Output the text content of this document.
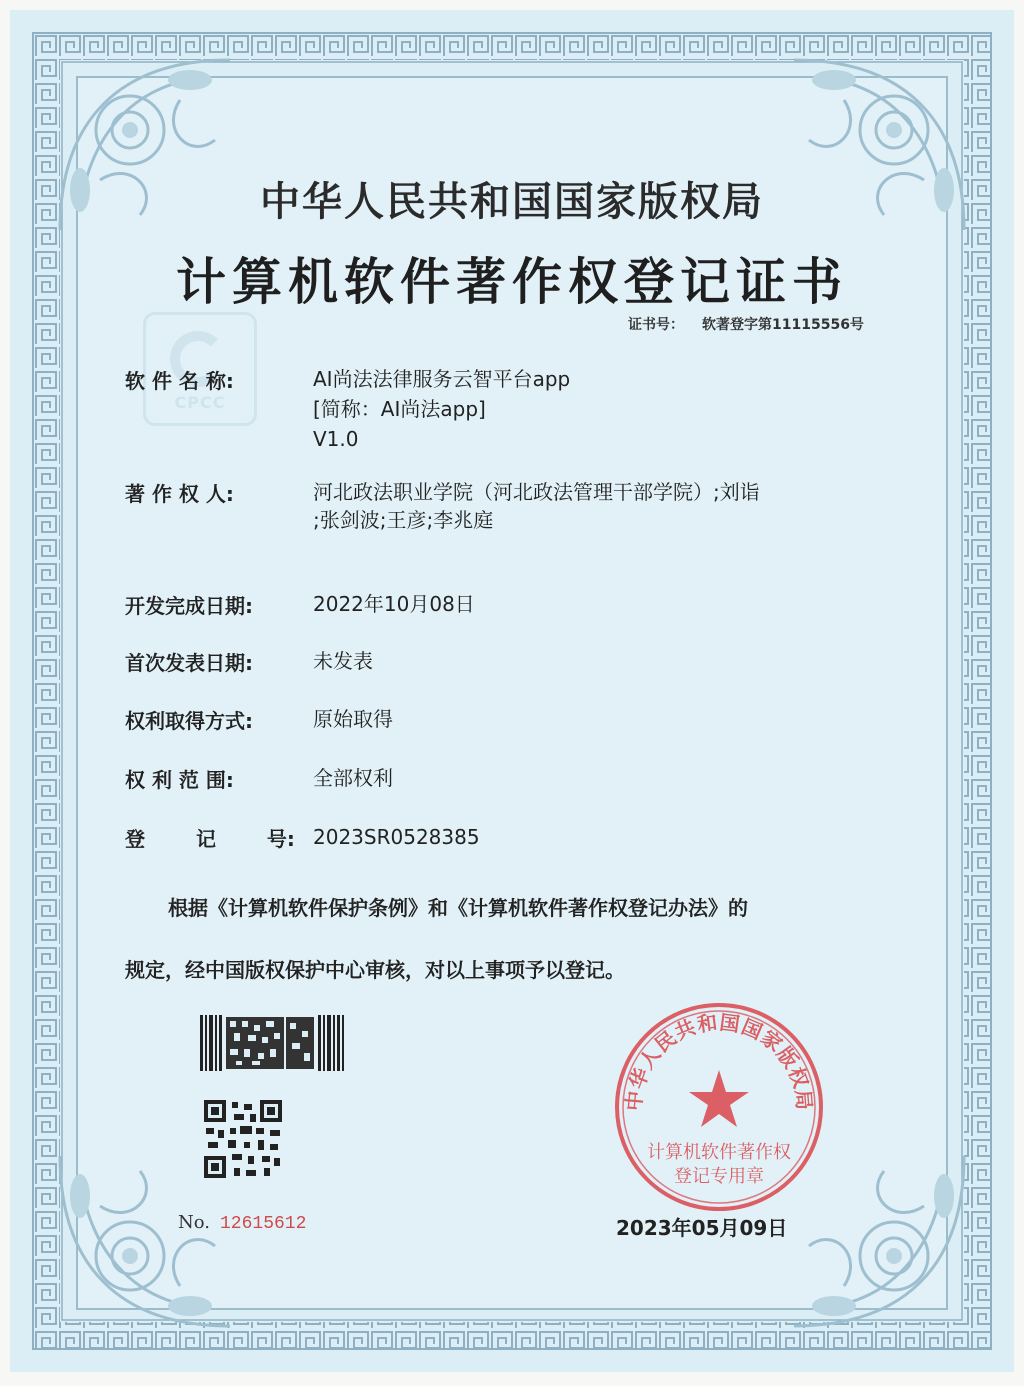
中华人民共和国国家版权局
计算机软件著作权登记证书
证书号： 软著登字第11115556号
CPCC
软 件 名 称:	AI尚法法律服务云智平台app
[简称：AI尚法app]
V1.0
著 作 权 人:	河北政法职业学院（河北政法管理干部学院）;刘诣
;张剑波;王彦;李兆庭
开发完成日期:	2022年10月08日
首次发表日期:	未发表
权利取得方式:	原始取得
权 利 范 围:	全部权利
登 记 号: 2023SR0528385
根据《计算机软件保护条例》和《计算机软件著作权登记办法》的
规定，经中国版权保护中心审核，对以上事项予以登记。
No. 12615612
中华人民共和国国家版权局
计算机软件著作权
登记专用章
2023年05月09日
